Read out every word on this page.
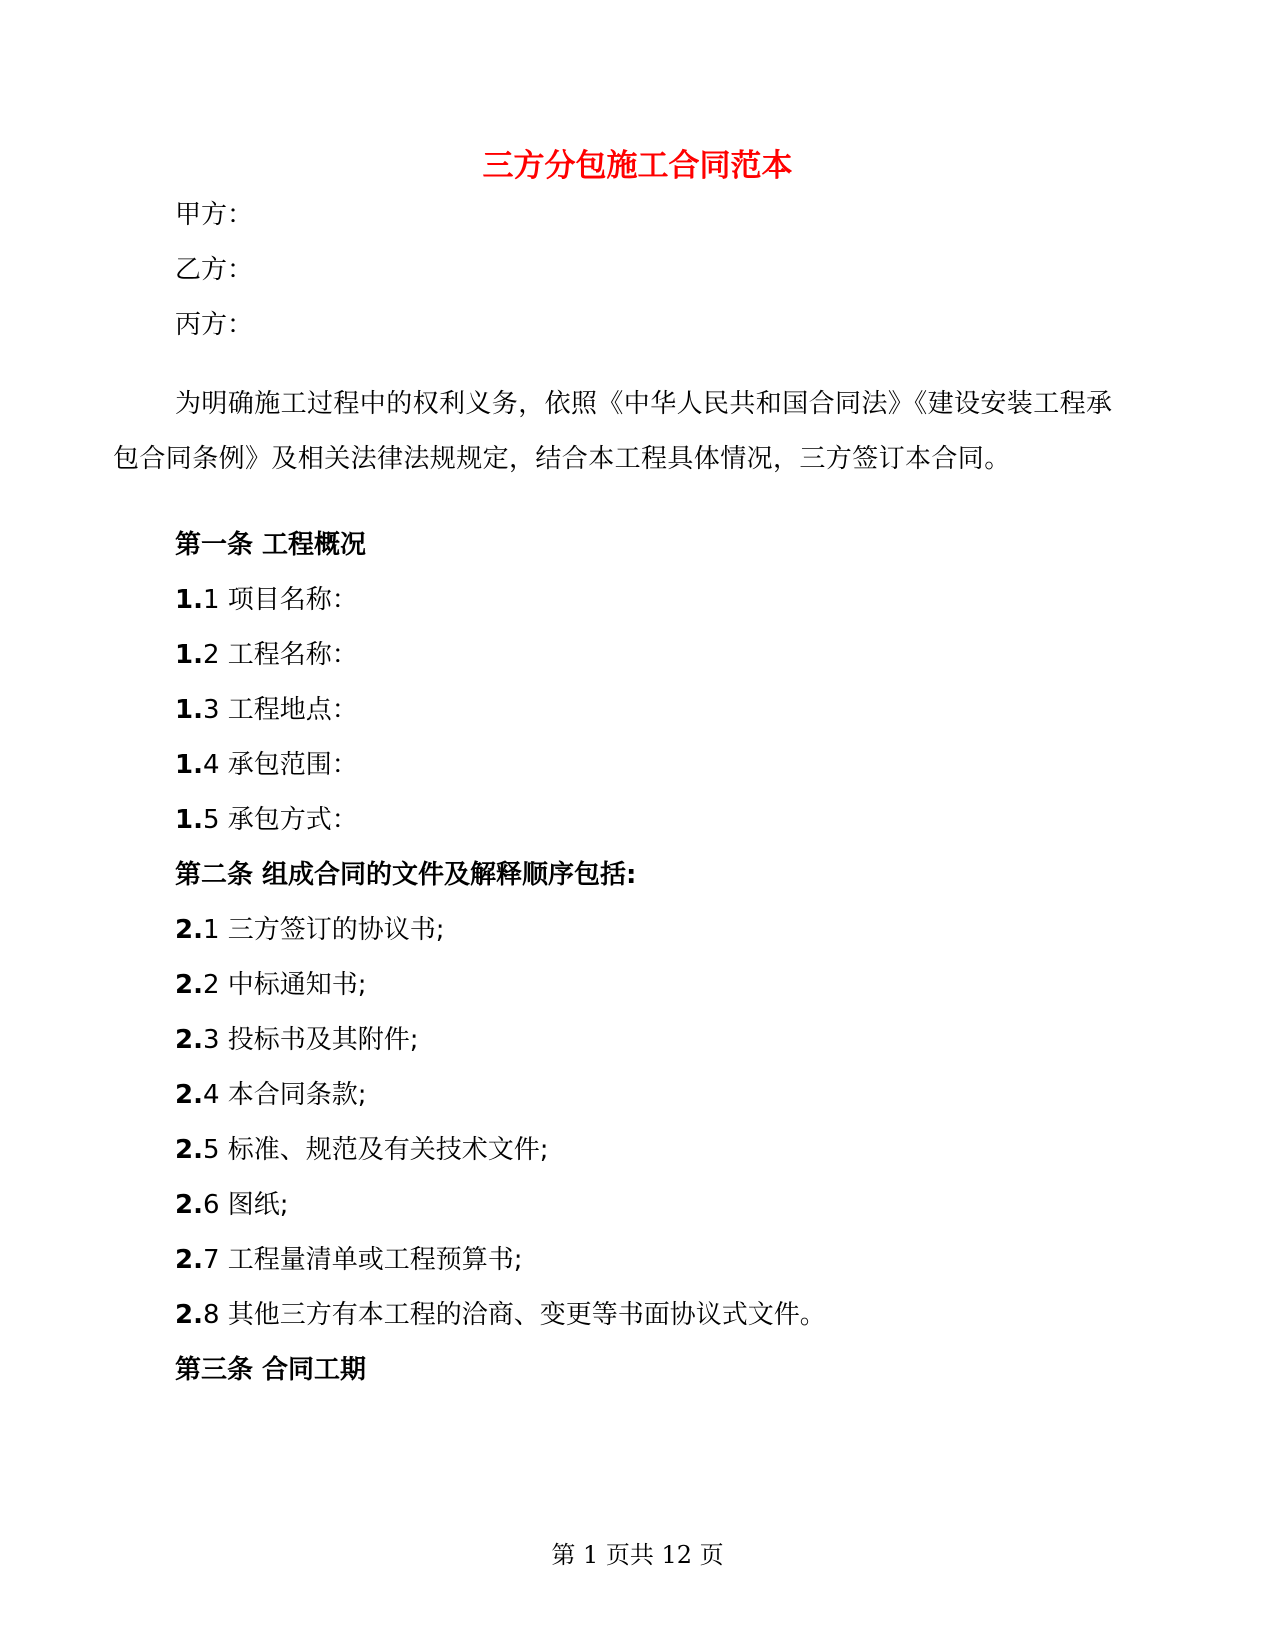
三方分包施工合同范本
甲方：
乙方：
丙方：
为明确施工过程中的权利义务，依照《中华人民共和国合同法》《建设安装工程承包合同条例》及相关法律法规规定，结合本工程具体情况，三方签订本合同。
第一条 工程概况
1.1 项目名称：
1.2 工程名称：
1.3 工程地点：
1.4 承包范围：
1.5 承包方式：
第二条 组成合同的文件及解释顺序包括:
2.1 三方签订的协议书;
2.2 中标通知书;
2.3 投标书及其附件;
2.4 本合同条款;
2.5 标准、规范及有关技术文件;
2.6 图纸;
2.7 工程量清单或工程预算书;
2.8 其他三方有本工程的洽商、变更等书面协议式文件。
第三条 合同工期
第 1 页共 12 页
